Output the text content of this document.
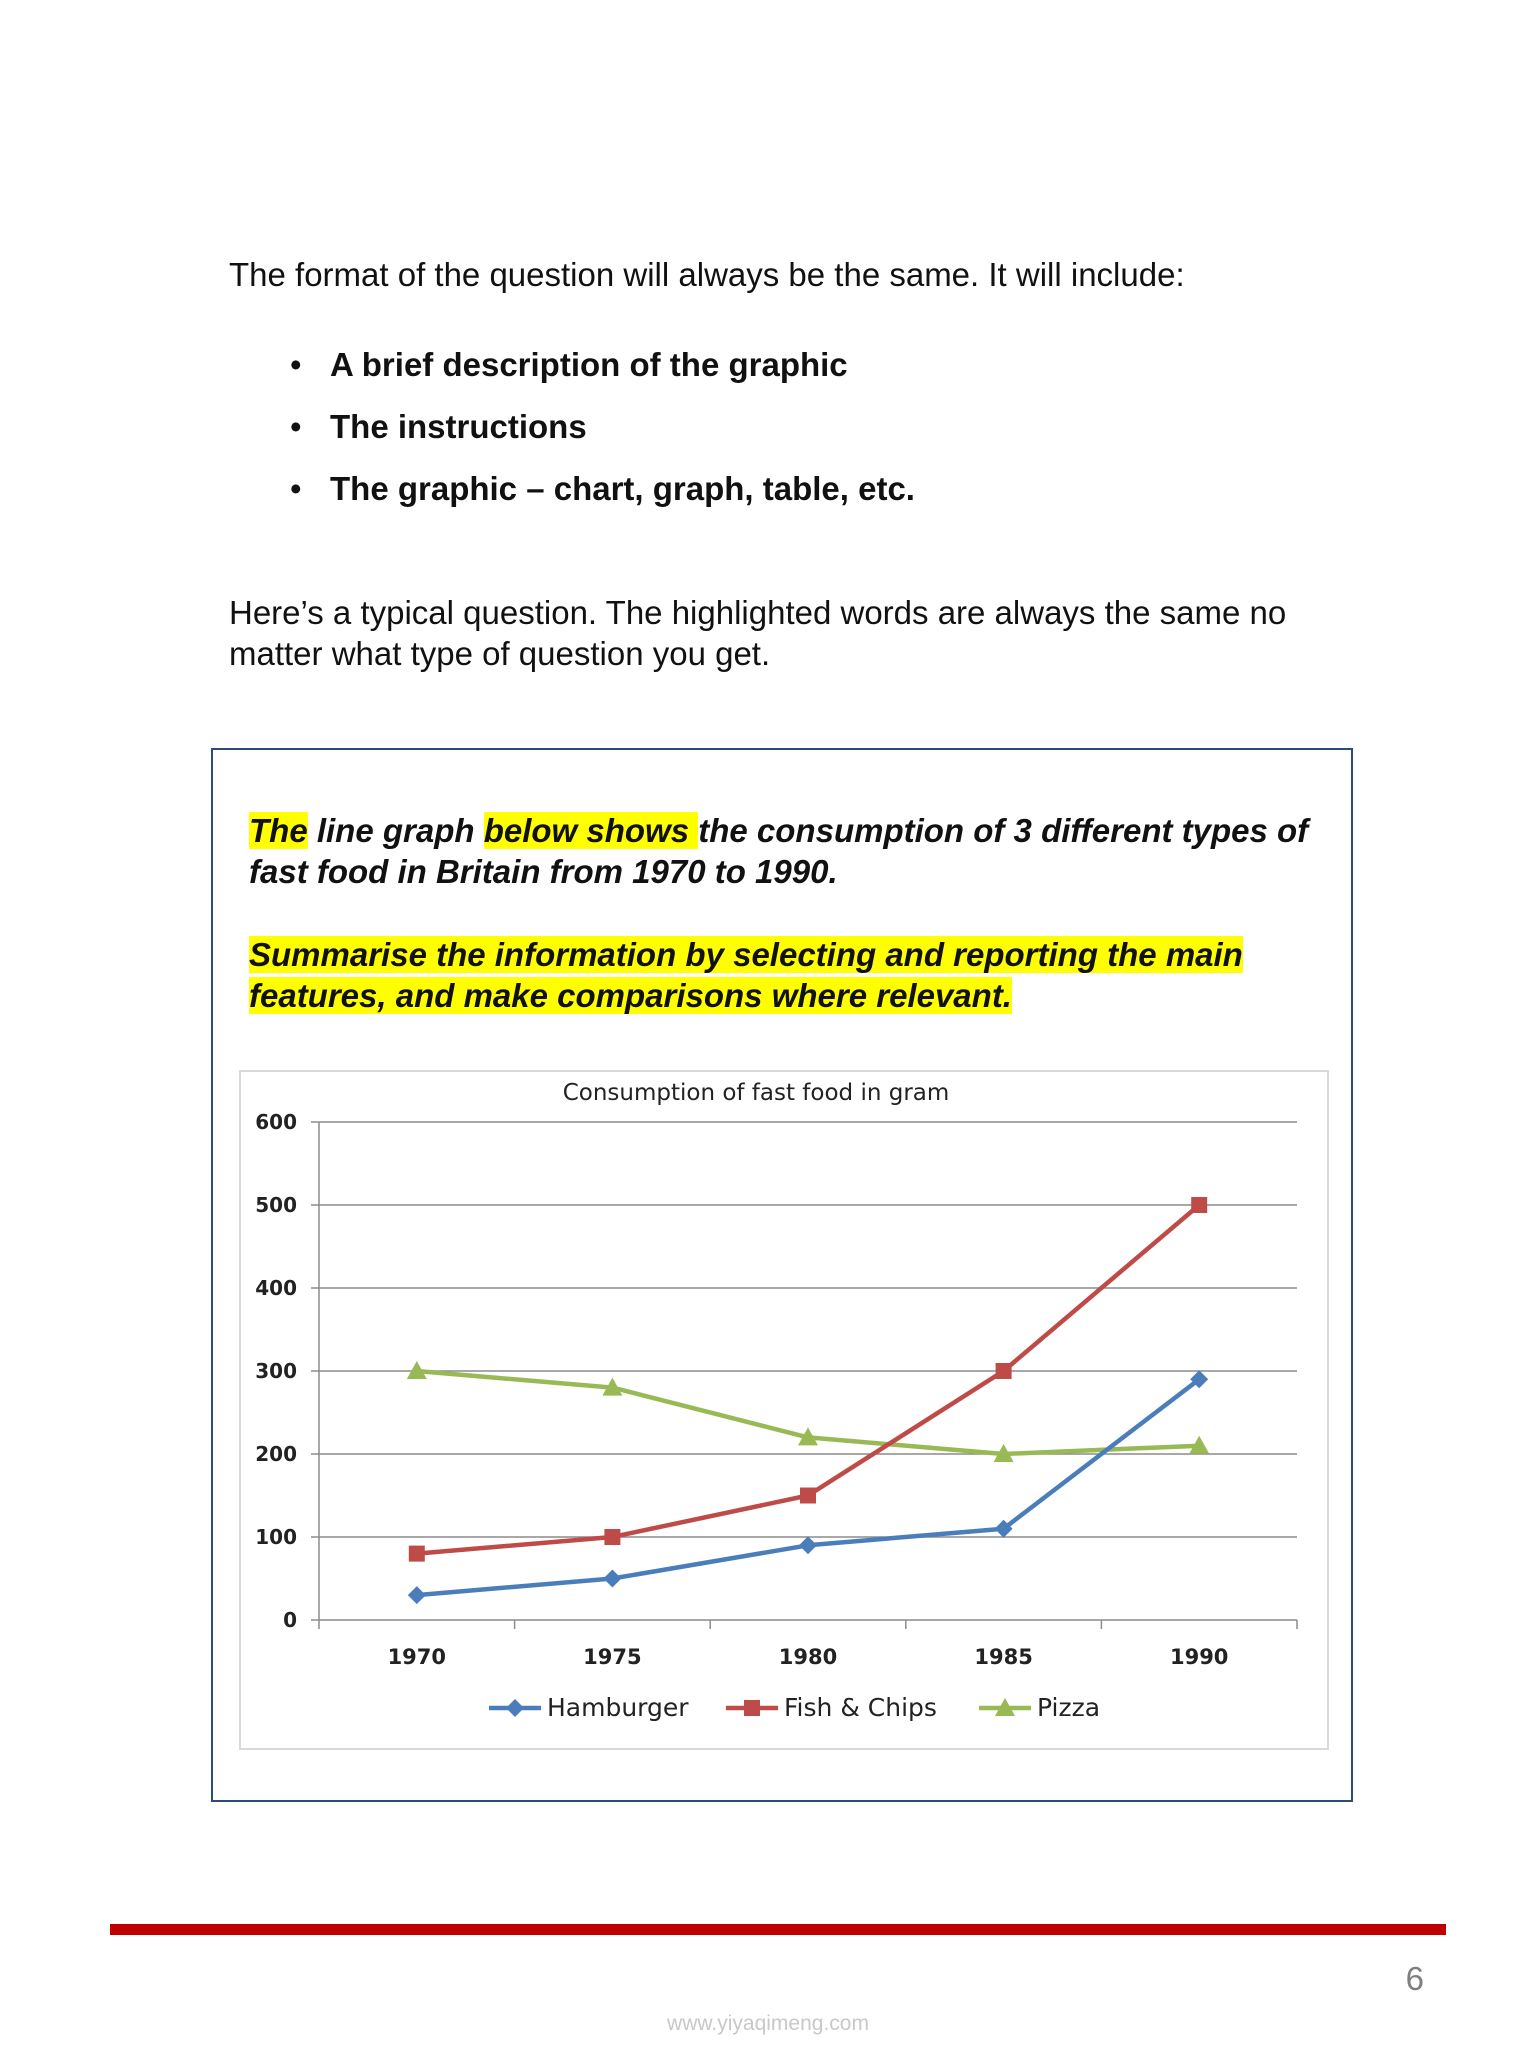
The format of the question will always be the same. It will include:

• A brief description of the graphic
• The instructions
• The graphic – chart, graph, table, etc.

Here’s a typical question. The highlighted words are always the same no matter what type of question you get.

The line graph below shows the consumption of 3 different types of fast food in Britain from 1970 to 1990.

Summarise the information by selecting and reporting the main features, and make comparisons where relevant.

Consumption of fast food in gram
0
100
200
300
400
500
600
1970	1975	1980	1985	1990
Hamburger	Fish & Chips	Pizza
6
www.yiyaqimeng.com
